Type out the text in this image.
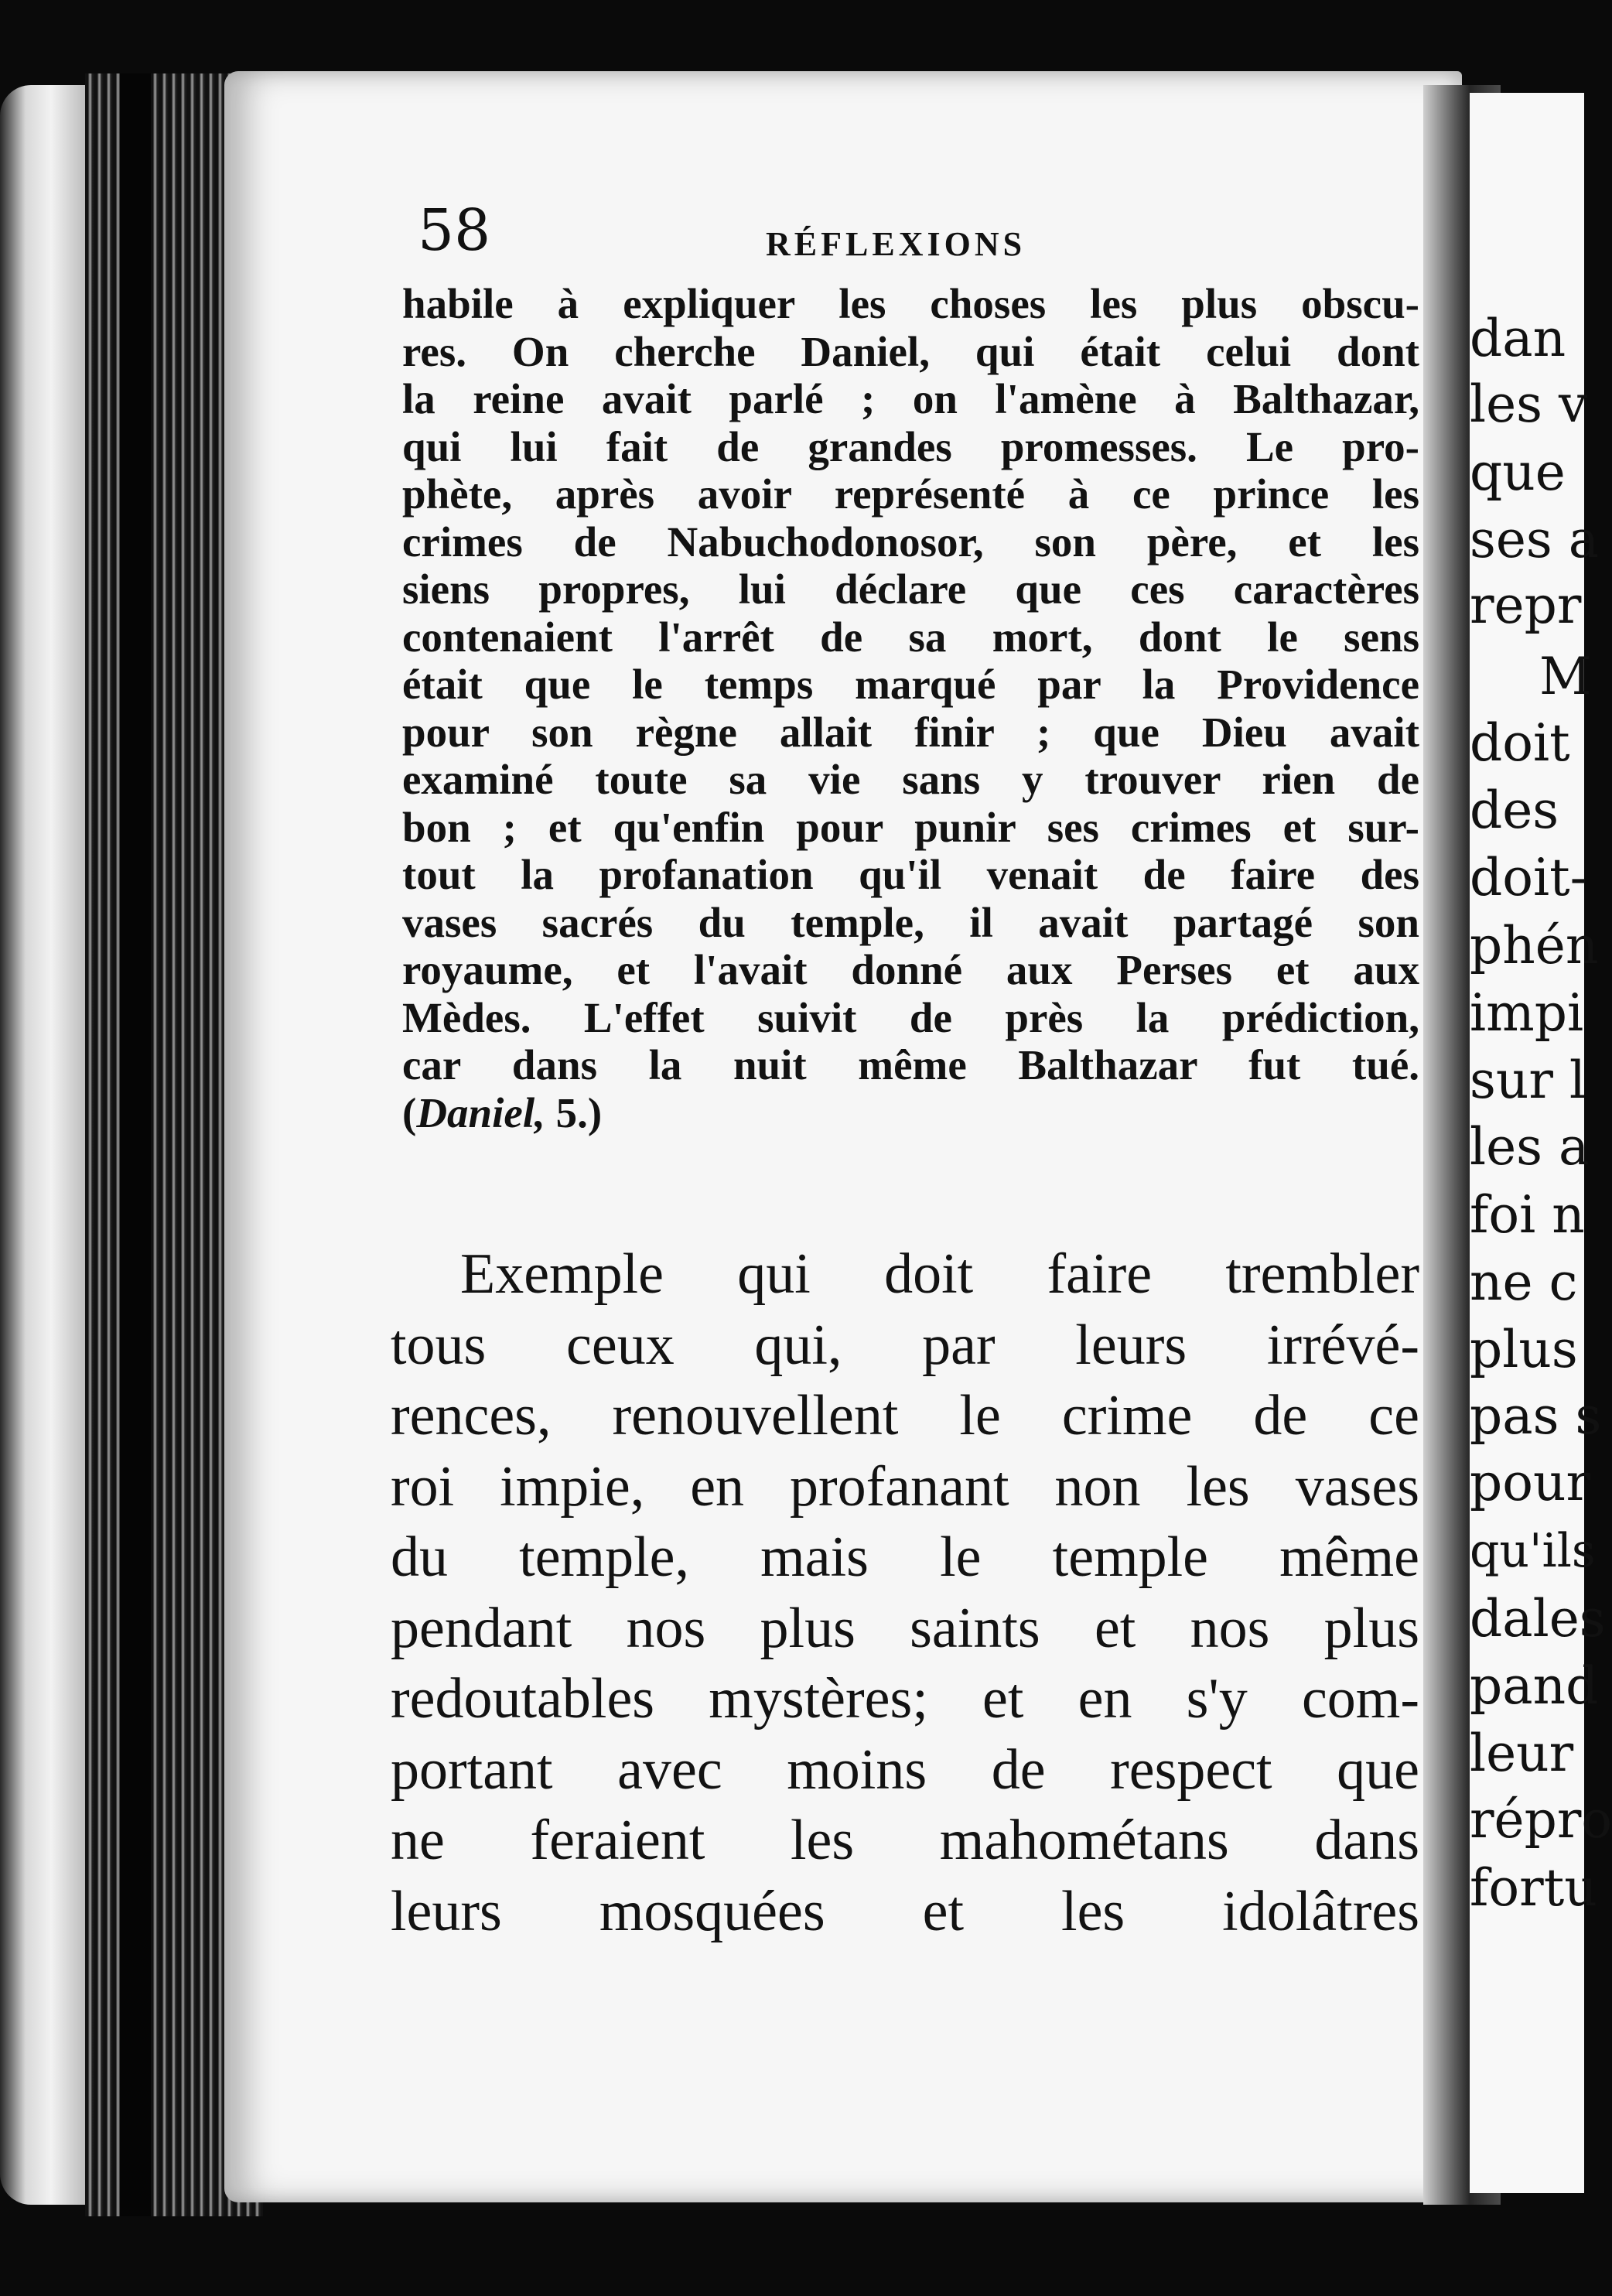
dan
les v
que
ses a
repr
M
doit
des
doit-
phén
impi
sur l
les a
foi n
ne c
plus
pas s
pour
qu'ils
dales
pand
leur
répro
fortu
58	RÉFLEXIONS
habile à expliquer les choses les plus obscu-
res. On cherche Daniel, qui était celui dont
la reine avait parlé ; on l'amène à Balthazar,
qui lui fait de grandes promesses. Le pro-
phète, après avoir représenté à ce prince les
crimes de Nabuchodonosor, son père, et les
siens propres, lui déclare que ces caractères
contenaient l'arrêt de sa mort, dont le sens
était que le temps marqué par la Providence
pour son règne allait finir ; que Dieu avait
examiné toute sa vie sans y trouver rien de
bon ; et qu'enfin pour punir ses crimes et sur-
tout la profanation qu'il venait de faire des
vases sacrés du temple, il avait partagé son
royaume, et l'avait donné aux Perses et aux
Mèdes. L'effet suivit de près la prédiction,
car dans la nuit même Balthazar fut tué.
(Daniel, 5.)
Exemple qui doit faire trembler
tous ceux qui, par leurs irrévé-
rences, renouvellent le crime de ce
roi impie, en profanant non les vases
du temple, mais le temple même
pendant nos plus saints et nos plus
redoutables mystères; et en s'y com-
portant avec moins de respect que
ne feraient les mahométans dans
leurs mosquées et les idolâtres
